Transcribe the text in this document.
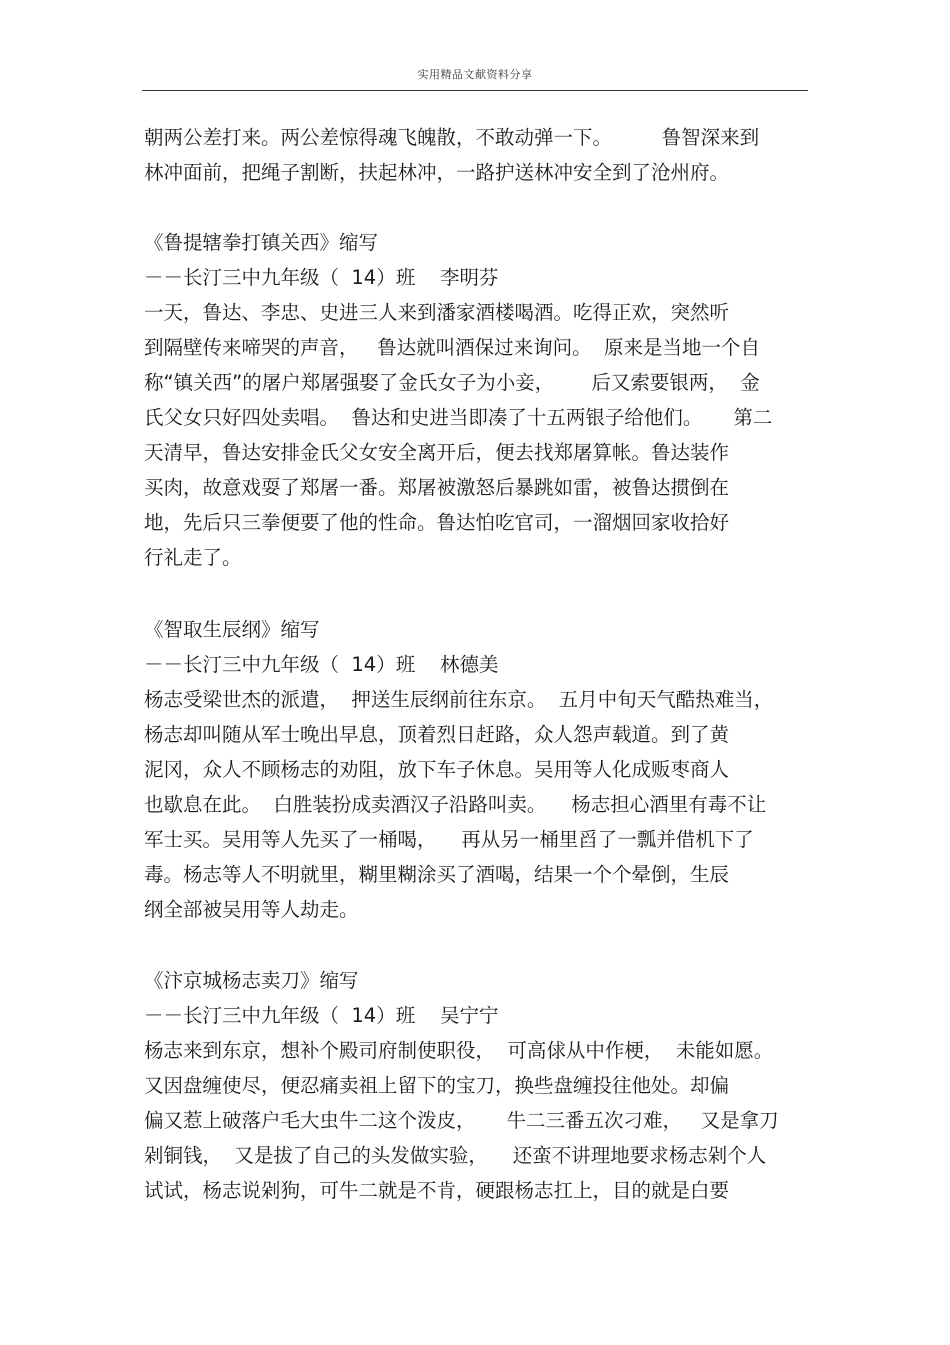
实用精品文献资料分享
朝两公差打来。两公差惊得魂飞魄散，不敢动弹一下。        鲁智深来到
林冲面前，把绳子割断，扶起林冲，一路护送林冲安全到了沧州府。
《鲁提辖拳打镇关西》缩写
－－长汀三中九年级（  14）班    李明芬
一天，鲁达、李忠、史进三人来到潘家酒楼喝酒。吃得正欢，突然听
到隔壁传来啼哭的声音，   鲁达就叫酒保过来询问。  原来是当地一个自
称“镇关西”的屠户郑屠强娶了金氏女子为小妾，      后又索要银两，  金
氏父女只好四处卖唱。  鲁达和史进当即凑了十五两银子给他们。     第二
天清早，鲁达安排金氏父女安全离开后，便去找郑屠算帐。鲁达装作
买肉，故意戏耍了郑屠一番。郑屠被激怒后暴跳如雷，被鲁达掼倒在
地，先后只三拳便要了他的性命。鲁达怕吃官司，一溜烟回家收拾好
行礼走了。
《智取生辰纲》缩写
－－长汀三中九年级（  14）班    林德美
杨志受梁世杰的派遣，  押送生辰纲前往东京。  五月中旬天气酷热难当，
杨志却叫随从军士晚出早息，顶着烈日赶路，众人怨声载道。到了黄
泥冈，众人不顾杨志的劝阻，放下车子休息。吴用等人化成贩枣商人
也歇息在此。  白胜装扮成卖酒汉子沿路叫卖。    杨志担心酒里有毒不让
军士买。吴用等人先买了一桶喝，    再从另一桶里舀了一瓢并借机下了
毒。杨志等人不明就里，糊里糊涂买了酒喝，结果一个个晕倒，生辰
纲全部被吴用等人劫走。
《汴京城杨志卖刀》缩写
－－长汀三中九年级（  14）班    吴宁宁
杨志来到东京，想补个殿司府制使职役，  可高俅从中作梗，  未能如愿。
又因盘缠使尽，便忍痛卖祖上留下的宝刀，换些盘缠投往他处。却偏
偏又惹上破落户毛大虫牛二这个泼皮，     牛二三番五次刁难，   又是拿刀
剁铜钱，  又是拔了自己的头发做实验，    还蛮不讲理地要求杨志剁个人
试试，杨志说剁狗，可牛二就是不肯，硬跟杨志扛上，目的就是白要
